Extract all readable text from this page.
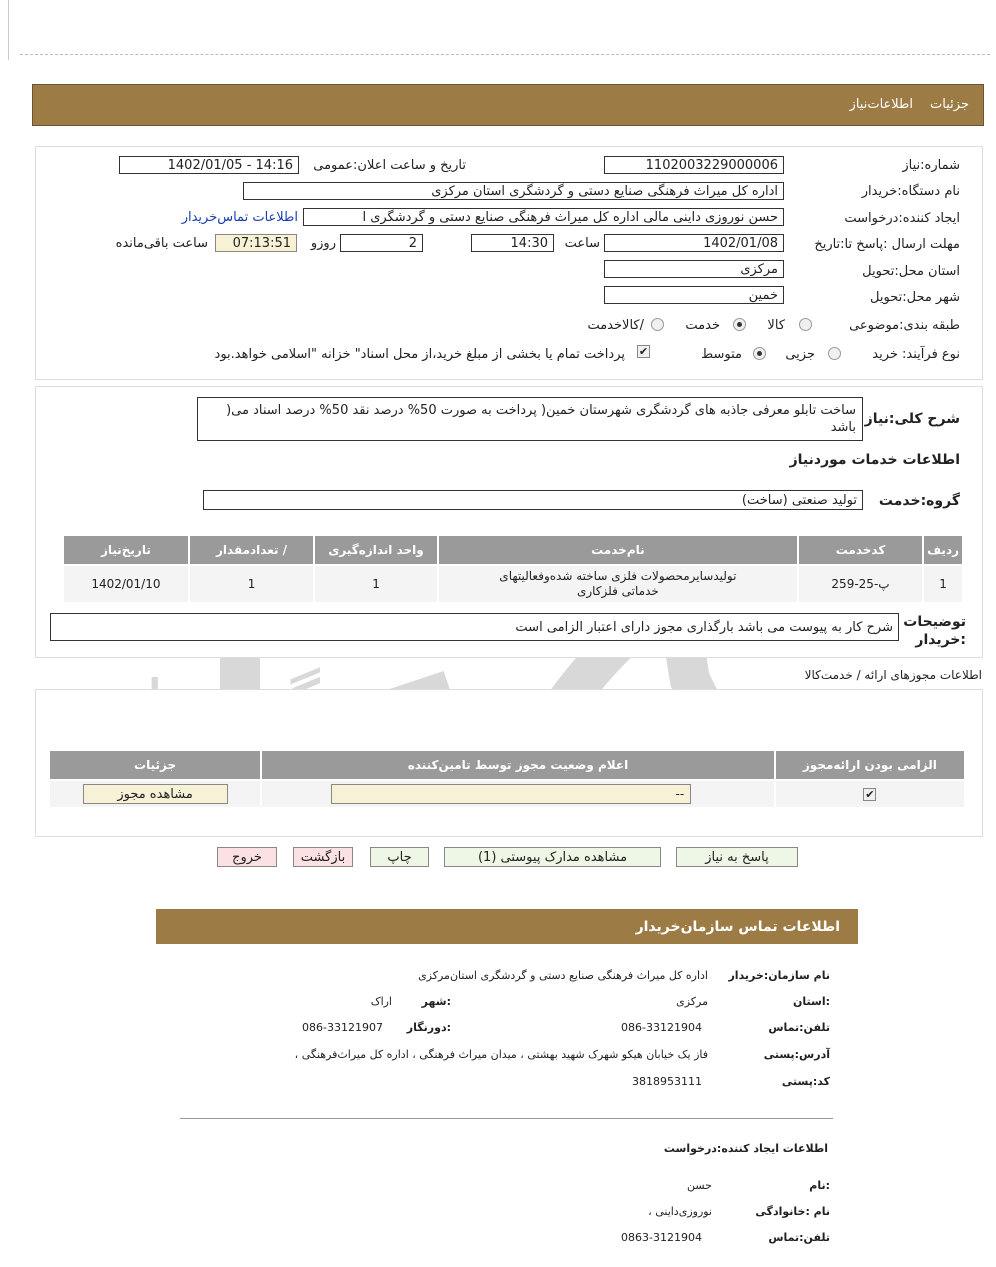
جزئیات
اطلاعات‌نیاز
شماره:نیاز
1102003229000006
تاریخ و ساعت اعلان:عمومی
1402/01/05 - 14:16
نام دستگاه:خریدار
اداره کل میراث فرهنگی صنایع دستی و گردشگری استان مرکزی
ایجاد کننده:درخواست
حسن نوروزی داینی مالی اداره کل میراث فرهنگی صنایع دستی و گردشگری ا
اطلاعات تماس‌خریدار
مهلت ارسال :پاسخ تا:تاریخ
1402/01/08
ساعت
14:30
2
روزو
07:13:51
ساعت باقی‌مانده
استان محل:تحویل
مرکزی
شهر محل:تحویل
خمین
طبقه بندی:موضوعی
کالا
خدمت
/کالاخدمت
نوع فرآیند: خرید
جزیی
متوسط
✔
پرداخت تمام یا بخشی از مبلغ خرید،از محل اسناد" خزانه "اسلامی خواهد.بود
شرح کلی:نیاز
ساخت تابلو معرفی جاذبه های گردشگری شهرستان خمین( پرداخت به صورت 50% درصد نقد 50% درصد اسناد می( باشد
اطلاعات خدمات موردنیاز
گروه:خدمت
تولید صنعتی (ساخت)
ردیف	کدخدمت	نام‌خدمت	واحد اندازه‌گیری	/ تعدادمقدار	تاریخ‌نیاز
1	پ-25-259	تولیدسایرمحصولات فلزی ساخته شده‌وفعالیتهای خدماتی فلزکاری	1	1	1402/01/10
توضیحات :خریدار
شرح کار به پیوست می باشد بارگذاری مجوز دارای اعتبار الزامی است
اطلاعات مجوزهای ارائه / خدمت‌کالا
الزامی بودن ارائه‌مجوز	اعلام وضعیت مجوز توسط تامین‌کننده	جزئیات
✔	--	مشاهده مجوز
پاسخ به نیاز
مشاهده مدارک پیوستی (1)
چاپ
بازگشت
خروج
اطلاعات تماس سازمان‌خریدار
نام سازمان:خریدار
اداره کل میراث فرهنگی صنایع دستی و گردشگری استان‌مرکزی
:استان
مرکزی
:شهر
اراک
تلفن:تماس
086-33121904
:دورنگار
086-33121907
آدرس:پستی
فاز یک خیابان هیکو شهرک شهید بهشتی ، میدان میراث فرهنگی ، اداره کل میراث‌فرهنگی ،
کد:پستی
3818953111
اطلاعات ایجاد کننده:درخواست
:نام
حسن
نام :خانوادگی
نوروزی‌داینی ،
تلفن:تماس
0863-3121904
